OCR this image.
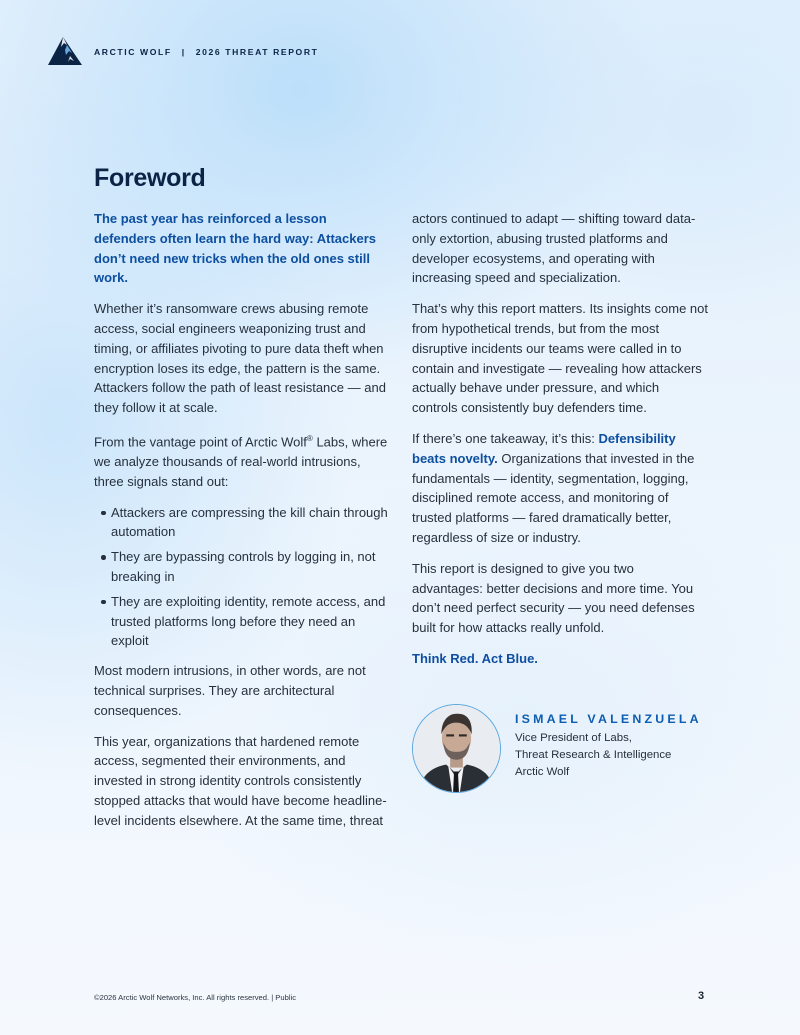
ARCTIC WOLF | 2026 THREAT REPORT
Foreword

The past year has reinforced a lesson defenders often learn the hard way: Attackers don’t need new tricks when the old ones still work.

Whether it’s ransomware crews abusing remote access, social engineers weaponizing trust and timing, or affiliates pivoting to pure data theft when encryption loses its edge, the pattern is the same. Attackers follow the path of least resistance — and they follow it at scale.

From the vantage point of Arctic Wolf® Labs, where we analyze thousands of real-world intrusions, three signals stand out:

Attackers are compressing the kill chain through automation
They are bypassing controls by logging in, not breaking in
They are exploiting identity, remote access, and trusted platforms long before they need an exploit

Most modern intrusions, in other words, are not technical surprises. They are architectural consequences.

This year, organizations that hardened remote access, segmented their environments, and invested in strong identity controls consistently stopped attacks that would have become headline-level incidents elsewhere. At the same time, threat

actors continued to adapt — shifting toward data-only extortion, abusing trusted platforms and developer ecosystems, and operating with increasing speed and specialization.

That’s why this report matters. Its insights come not from hypothetical trends, but from the most disruptive incidents our teams were called in to contain and investigate — revealing how attackers actually behave under pressure, and which controls consistently buy defenders time.

If there’s one takeaway, it’s this: Defensibility beats novelty. Organizations that invested in the fundamentals — identity, segmentation, logging, disciplined remote access, and monitoring of trusted platforms — fared dramatically better, regardless of size or industry.

This report is designed to give you two advantages: better decisions and more time. You don’t need perfect security — you need defenses built for how attacks really unfold.

Think Red. Act Blue.

ISMAEL VALENZUELA
Vice President of Labs,
Threat Research & Intelligence
Arctic Wolf
©2026 Arctic Wolf Networks, Inc. All rights reserved. | Public	3
